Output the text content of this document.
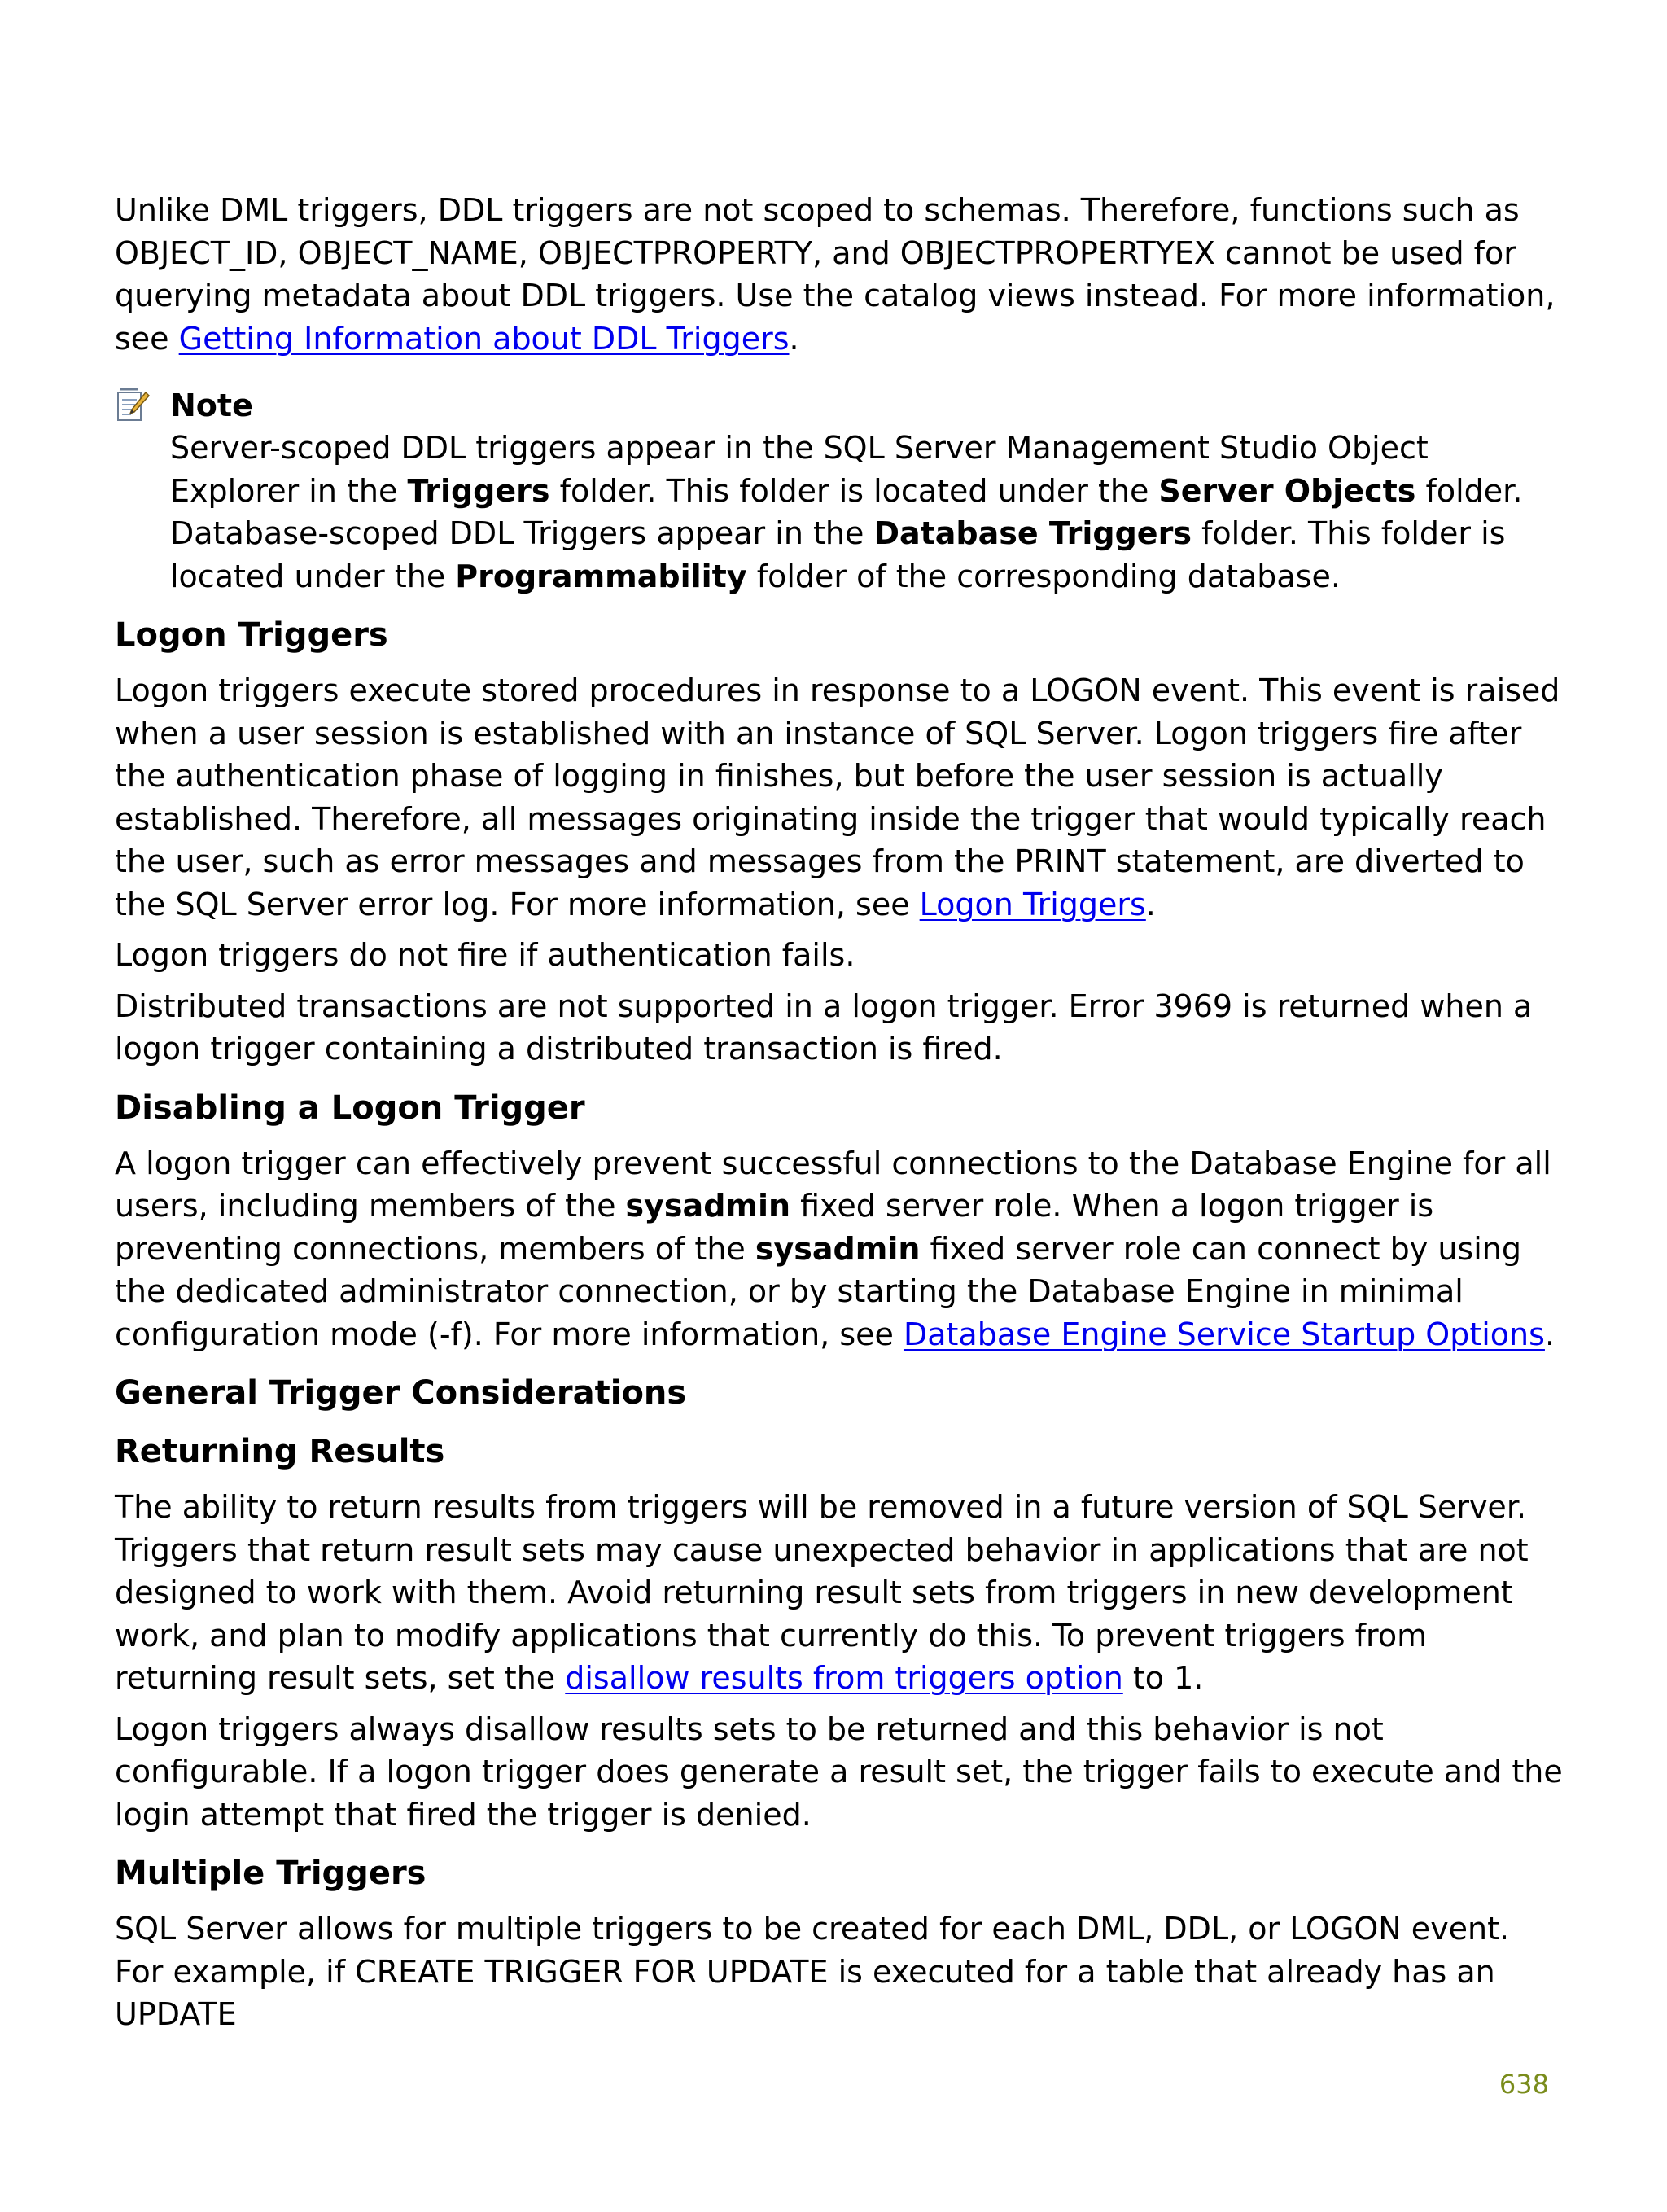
Unlike DML triggers, DDL triggers are not scoped to schemas. Therefore, functions such as OBJECT_ID, OBJECT_NAME, OBJECTPROPERTY, and OBJECTPROPERTYEX cannot be used for querying metadata about DDL triggers. Use the catalog views instead. For more information, see Getting Information about DDL Triggers.

Note

Server-scoped DDL triggers appear in the SQL Server Management Studio Object Explorer in the Triggers folder. This folder is located under the Server Objects folder. Database-scoped DDL Triggers appear in the Database Triggers folder. This folder is located under the Programmability folder of the corresponding database.

Logon Triggers

Logon triggers execute stored procedures in response to a LOGON event. This event is raised when a user session is established with an instance of SQL Server. Logon triggers fire after the authentication phase of logging in finishes, but before the user session is actually established. Therefore, all messages originating inside the trigger that would typically reach the user, such as error messages and messages from the PRINT statement, are diverted to the SQL Server error log. For more information, see Logon Triggers.

Logon triggers do not fire if authentication fails.

Distributed transactions are not supported in a logon trigger. Error 3969 is returned when a logon trigger containing a distributed transaction is fired.

Disabling a Logon Trigger

A logon trigger can effectively prevent successful connections to the Database Engine for all users, including members of the sysadmin fixed server role. When a logon trigger is preventing connections, members of the sysadmin fixed server role can connect by using the dedicated administrator connection, or by starting the Database Engine in minimal configuration mode (-f). For more information, see Database Engine Service Startup Options.

General Trigger Considerations
Returning Results

The ability to return results from triggers will be removed in a future version of SQL Server. Triggers that return result sets may cause unexpected behavior in applications that are not designed to work with them. Avoid returning result sets from triggers in new development work, and plan to modify applications that currently do this. To prevent triggers from returning result sets, set the disallow results from triggers option to 1.

Logon triggers always disallow results sets to be returned and this behavior is not configurable. If a logon trigger does generate a result set, the trigger fails to execute and the login attempt that fired the trigger is denied.

Multiple Triggers

SQL Server allows for multiple triggers to be created for each DML, DDL, or LOGON event. For example, if CREATE TRIGGER FOR UPDATE is executed for a table that already has an UPDATE

638
